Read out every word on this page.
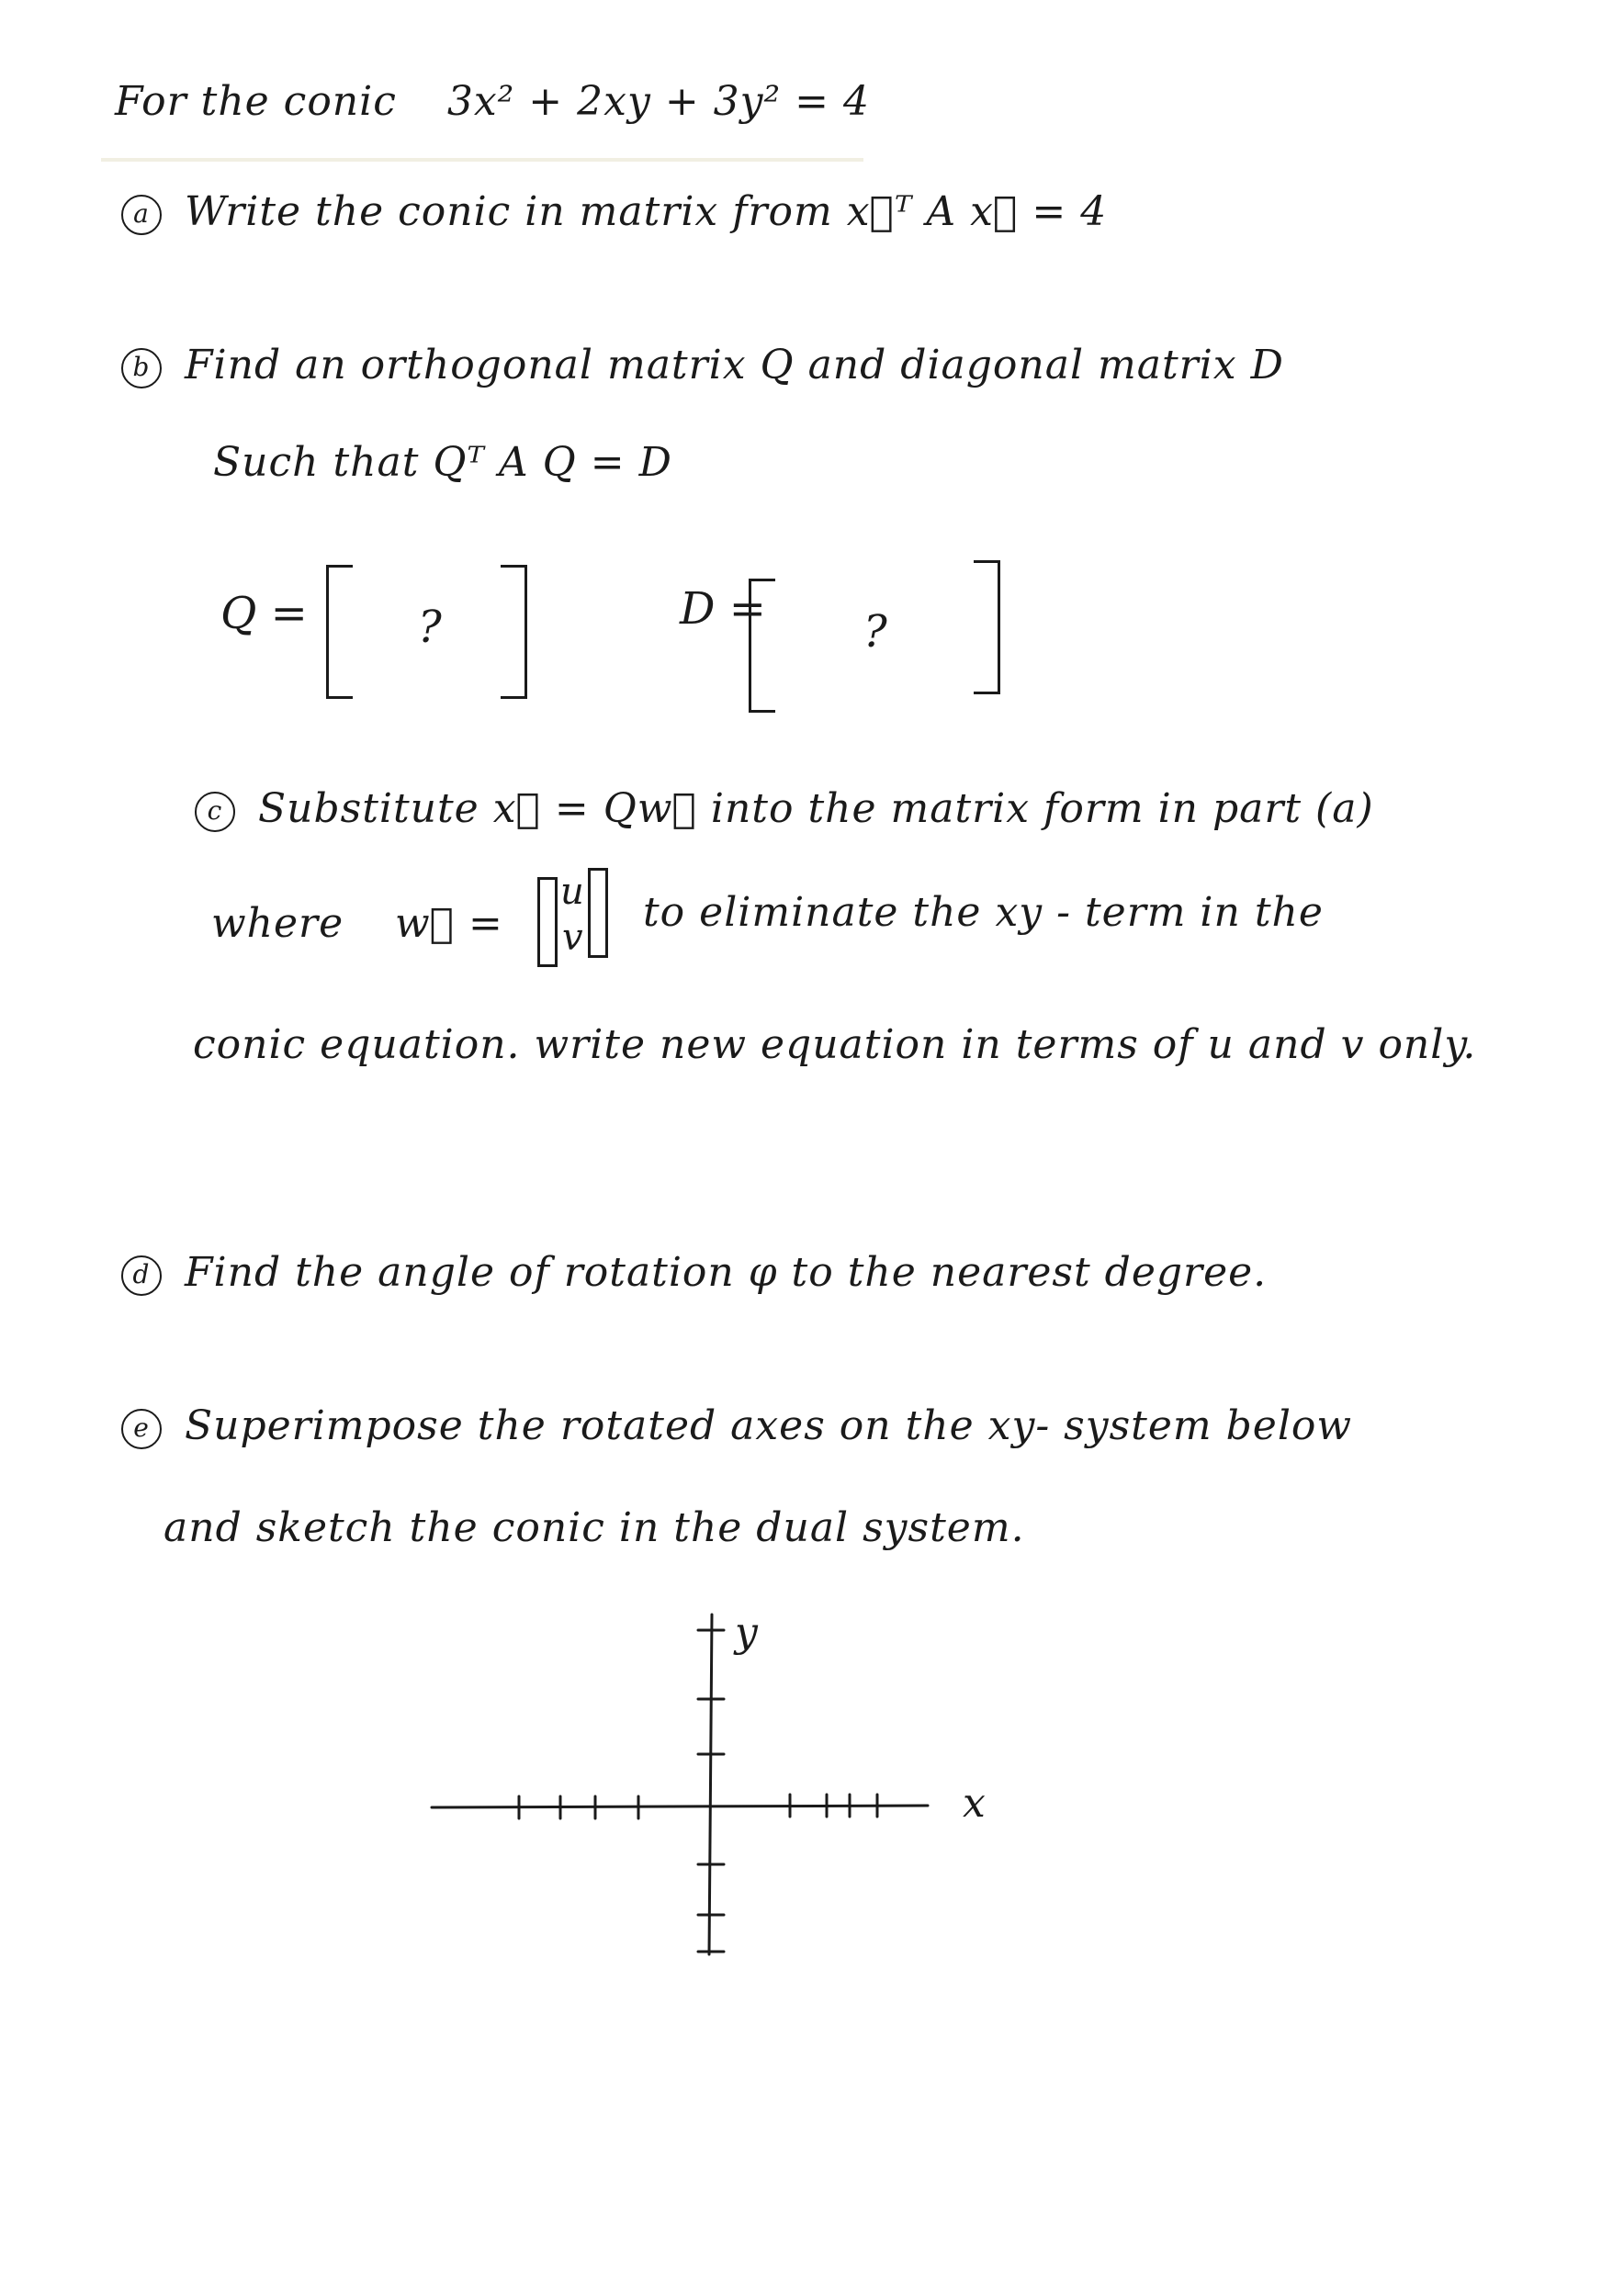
For the conic 3x² + 2xy + 3y² = 4
a Write the conic in matrix from x⃗ᵀ A x⃗ = 4
b Find an orthogonal matrix Q and diagonal matrix D
Such that Qᵀ A Q = D
Q =	?	D = ?
c Substitute x⃗ = Qw⃗ into the matrix form in part (a)
where w⃗ =
u
v
to eliminate the xy - term in the
conic equation. write new equation in terms of u and v only.
d Find the angle of rotation φ to the nearest degree.
e Superimpose the rotated axes on the xy- system below
and sketch the conic in the dual system.
y
x
